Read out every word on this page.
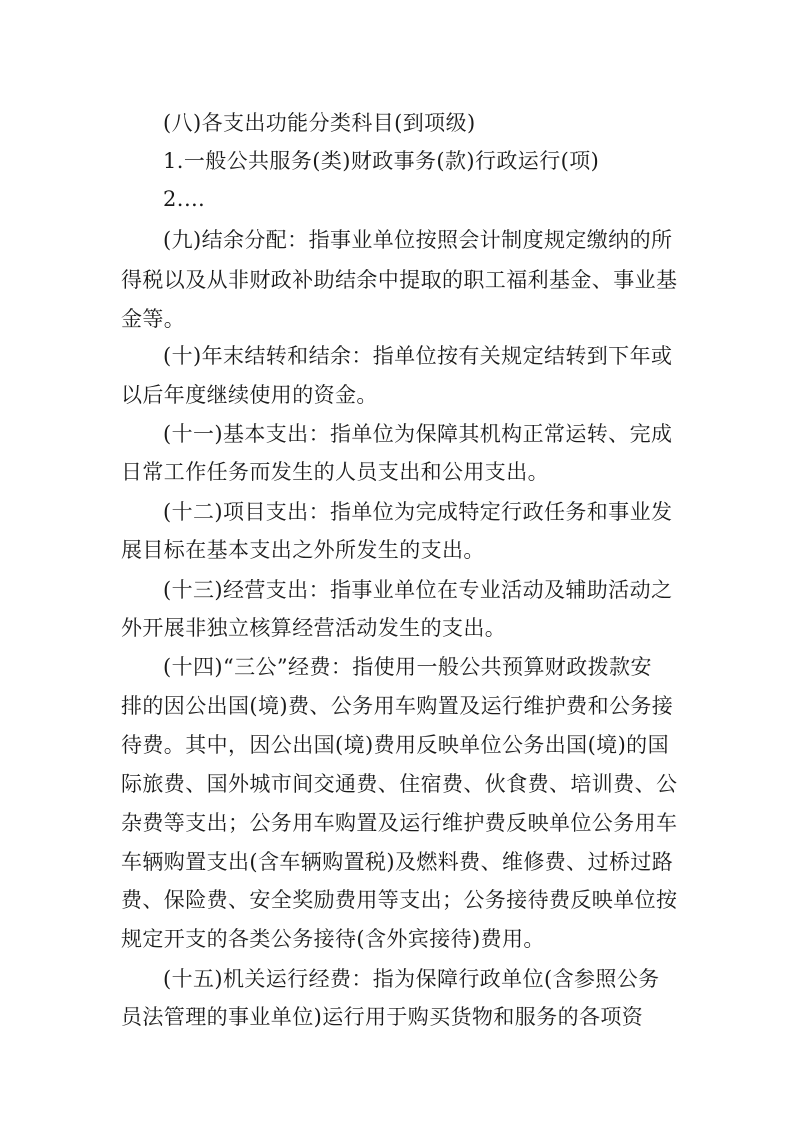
(八)各支出功能分类科目(到项级)
1.一般公共服务(类)财政事务(款)行政运行(项)
2.…
(九)结余分配：指事业单位按照会计制度规定缴纳的所
得税以及从非财政补助结余中提取的职工福利基金、事业基
金等。
(十)年末结转和结余：指单位按有关规定结转到下年或
以后年度继续使用的资金。
(十一)基本支出：指单位为保障其机构正常运转、完成
日常工作任务而发生的人员支出和公用支出。
(十二)项目支出：指单位为完成特定行政任务和事业发
展目标在基本支出之外所发生的支出。
(十三)经营支出：指事业单位在专业活动及辅助活动之
外开展非独立核算经营活动发生的支出。
(十四)“三公”经费：指使用一般公共预算财政拨款安
排的因公出国(境)费、公务用车购置及运行维护费和公务接
待费。其中，因公出国(境)费用反映单位公务出国(境)的国
际旅费、国外城市间交通费、住宿费、伙食费、培训费、公
杂费等支出；公务用车购置及运行维护费反映单位公务用车
车辆购置支出(含车辆购置税)及燃料费、维修费、过桥过路
费、保险费、安全奖励费用等支出；公务接待费反映单位按
规定开支的各类公务接待(含外宾接待)费用。
(十五)机关运行经费：指为保障行政单位(含参照公务
员法管理的事业单位)运行用于购买货物和服务的各项资
